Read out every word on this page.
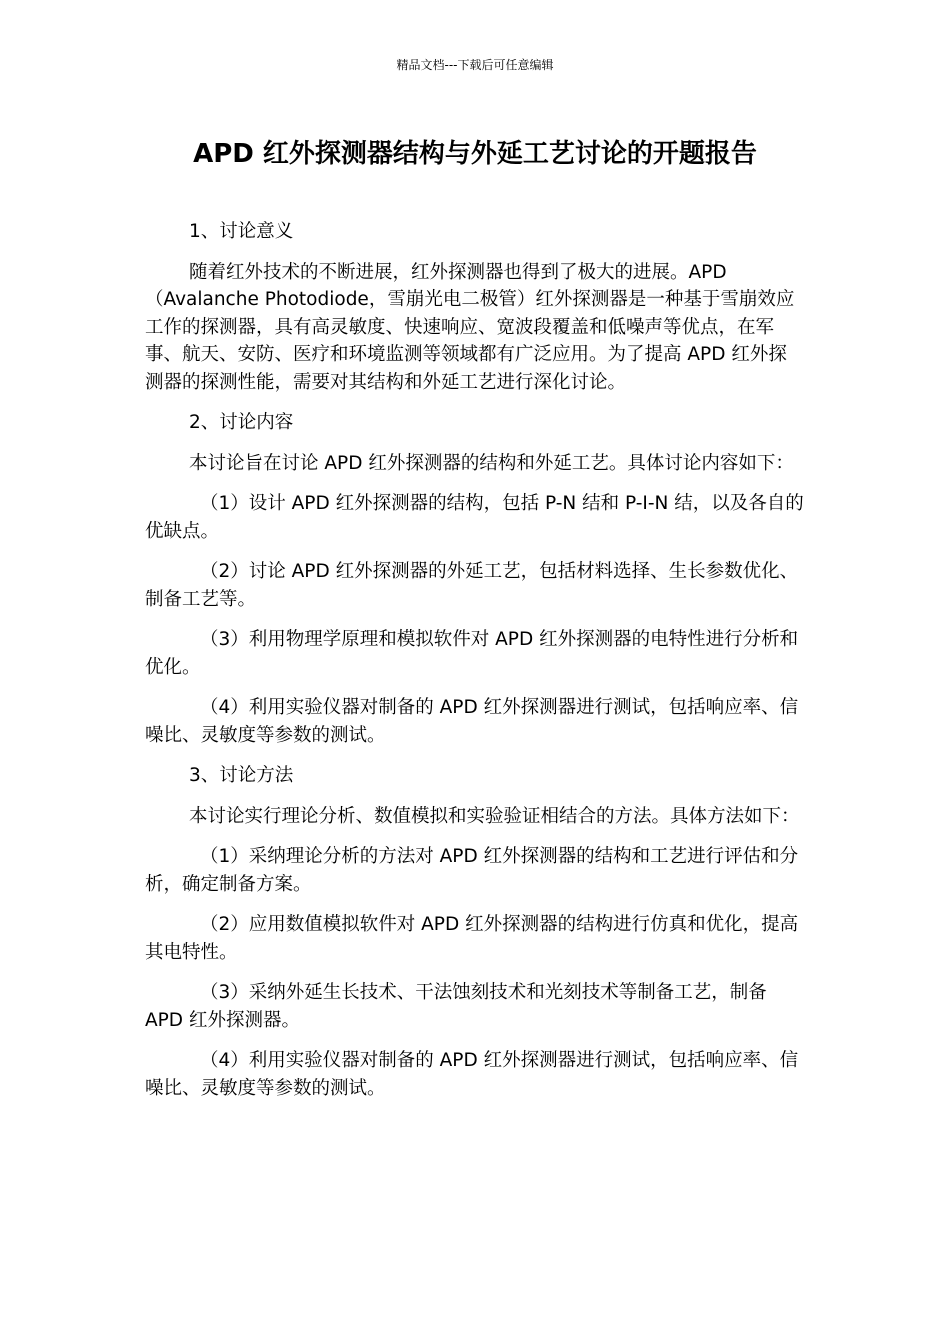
精品文档---下载后可任意编辑
APD 红外探测器结构与外延工艺讨论的开题报告

1、讨论意义

随着红外技术的不断进展，红外探测器也得到了极大的进展。APD（Avalanche Photodiode，雪崩光电二极管）红外探测器是一种基于雪崩效应工作的探测器，具有高灵敏度、快速响应、宽波段覆盖和低噪声等优点，在军事、航天、安防、医疗和环境监测等领域都有广泛应用。为了提高 APD 红外探测器的探测性能，需要对其结构和外延工艺进行深化讨论。

2、讨论内容

本讨论旨在讨论 APD 红外探测器的结构和外延工艺。具体讨论内容如下：

（1）设计 APD 红外探测器的结构，包括 P-N 结和 P-I-N 结，以及各自的优缺点。

（2）讨论 APD 红外探测器的外延工艺，包括材料选择、生长参数优化、制备工艺等。

（3）利用物理学原理和模拟软件对 APD 红外探测器的电特性进行分析和优化。

（4）利用实验仪器对制备的 APD 红外探测器进行测试，包括响应率、信噪比、灵敏度等参数的测试。

3、讨论方法

本讨论实行理论分析、数值模拟和实验验证相结合的方法。具体方法如下：

（1）采纳理论分析的方法对 APD 红外探测器的结构和工艺进行评估和分析，确定制备方案。

（2）应用数值模拟软件对 APD 红外探测器的结构进行仿真和优化，提高其电特性。

（3）采纳外延生长技术、干法蚀刻技术和光刻技术等制备工艺，制备 APD 红外探测器。

（4）利用实验仪器对制备的 APD 红外探测器进行测试，包括响应率、信噪比、灵敏度等参数的测试。
